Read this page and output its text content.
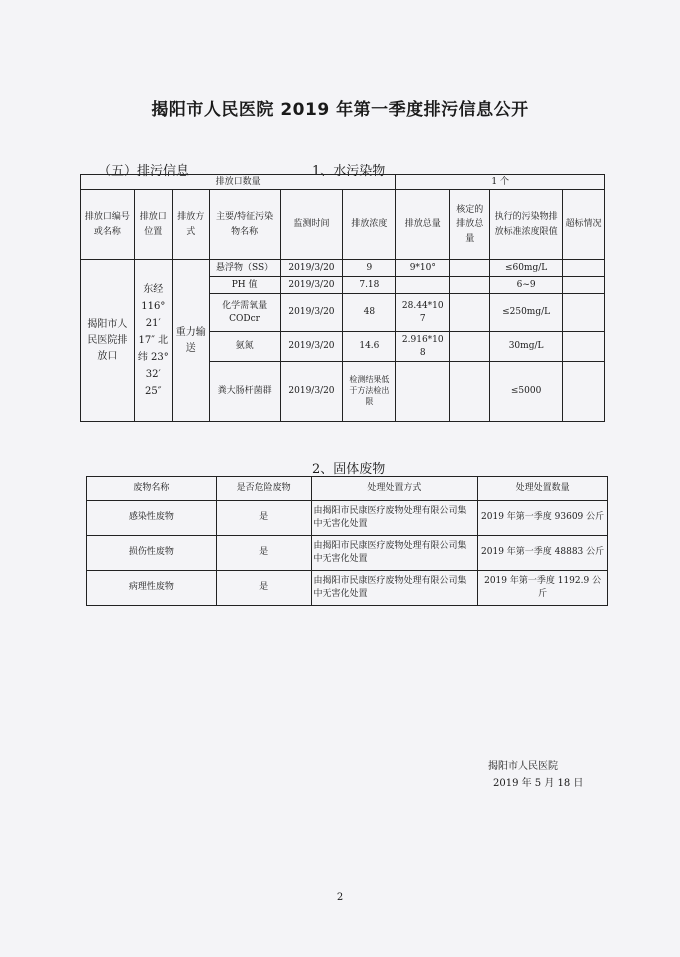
揭阳市人民医院 2019 年第一季度排污信息公开
（五）排污信息	1、水污染物
排放口数量						1 个			
排放口编号或名称	排放口位置	排放方式	主要/特征污染物名称	监测时间	排放浓度	排放总量	核定的排放总量	执行的污染物排放标准浓度限值	超标情况
揭阳市人民医院排放口	东经 116° 21′ 17″ 北纬 23° 32′ 25″	重力输送	悬浮物（SS）	2019/3/20	9	9*10°		≤60mg/L	
			PH 值	2019/3/20	7.18			6~9	
			化学需氧量 CODcr	2019/3/20	48	28.44*10 7		≤250mg/L	
			氨氮	2019/3/20	14.6	2.916*10 8		30mg/L	
			粪大肠杆菌群	2019/3/20	检测结果低于方法检出限			≤5000	
2、固体废物
废物名称	是否危险废物	处理处置方式	处理处置数量
感染性废物	是	由揭阳市民康医疗废物处理有限公司集中无害化处置	2019 年第一季度 93609 公斤
损伤性废物	是	由揭阳市民康医疗废物处理有限公司集中无害化处置	2019 年第一季度 48883 公斤
病理性废物	是	由揭阳市民康医疗废物处理有限公司集中无害化处置	2019 年第一季度 1192.9 公斤
揭阳市人民医院
2019 年 5 月 18 日
2
